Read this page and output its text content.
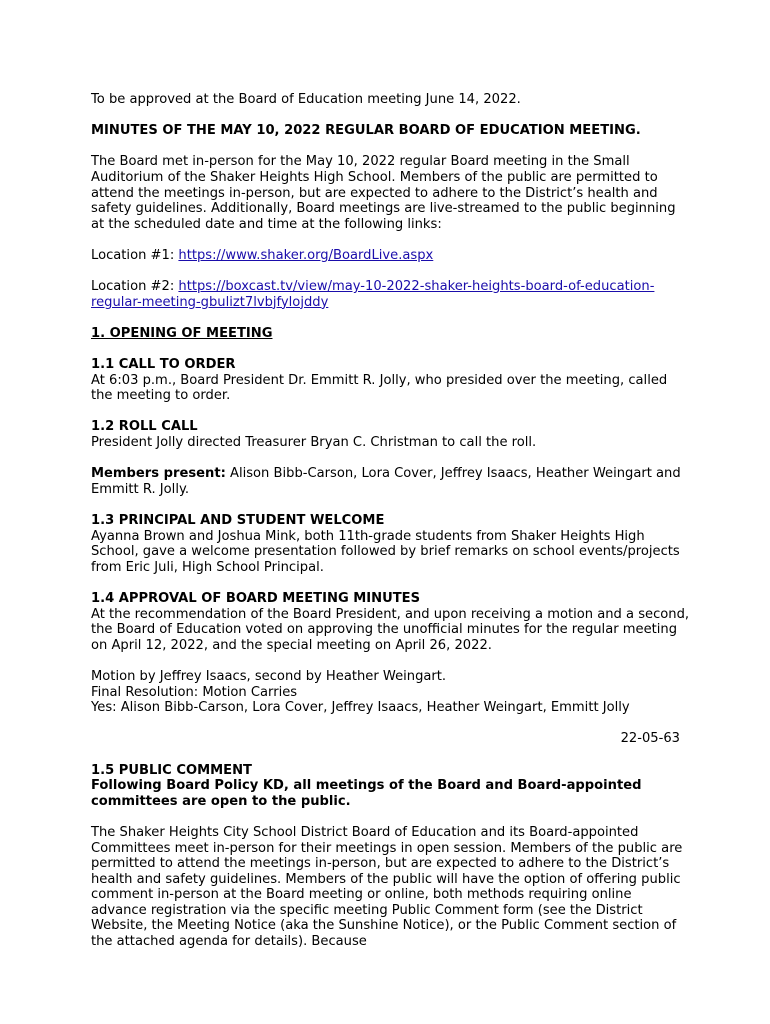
To be approved at the Board of Education meeting June 14, 2022.

MINUTES OF THE MAY 10, 2022 REGULAR BOARD OF EDUCATION MEETING.

The Board met in-person for the May 10, 2022 regular Board meeting in the Small Auditorium of the Shaker Heights High School. Members of the public are permitted to attend the meetings in-person, but are expected to adhere to the District’s health and safety guidelines. Additionally, Board meetings are live-streamed to the public beginning at the scheduled date and time at the following links:

Location #1: https://www.shaker.org/BoardLive.aspx

Location #2: https://boxcast.tv/view/may-10-2022-shaker-heights-board-of-education-regular-meeting-gbulizt7lvbjfylojddy

1. OPENING OF MEETING

1.1 CALL TO ORDER

At 6:03 p.m., Board President Dr. Emmitt R. Jolly, who presided over the meeting, called the meeting to order.

1.2 ROLL CALL

President Jolly directed Treasurer Bryan C. Christman to call the roll.

Members present: Alison Bibb-Carson, Lora Cover, Jeffrey Isaacs, Heather Weingart and Emmitt R. Jolly.

1.3 PRINCIPAL AND STUDENT WELCOME

Ayanna Brown and Joshua Mink, both 11th-grade students from Shaker Heights High School, gave a welcome presentation followed by brief remarks on school events/projects from Eric Juli, High School Principal.

1.4 APPROVAL OF BOARD MEETING MINUTES

At the recommendation of the Board President, and upon receiving a motion and a second, the Board of Education voted on approving the unofficial minutes for the regular meeting on April 12, 2022, and the special meeting on April 26, 2022.

Motion by Jeffrey Isaacs, second by Heather Weingart.

Final Resolution: Motion Carries

Yes: Alison Bibb-Carson, Lora Cover, Jeffrey Isaacs, Heather Weingart, Emmitt Jolly

22-05-63

1.5 PUBLIC COMMENT

Following Board Policy KD, all meetings of the Board and Board-appointed committees are open to the public.

The Shaker Heights City School District Board of Education and its Board-appointed Committees meet in-person for their meetings in open session. Members of the public are permitted to attend the meetings in-person, but are expected to adhere to the District’s health and safety guidelines. Members of the public will have the option of offering public comment in-person at the Board meeting or online, both methods requiring online advance registration via the specific meeting Public Comment form (see the District Website, the Meeting Notice (aka the Sunshine Notice), or the Public Comment section of the attached agenda for details). Because
